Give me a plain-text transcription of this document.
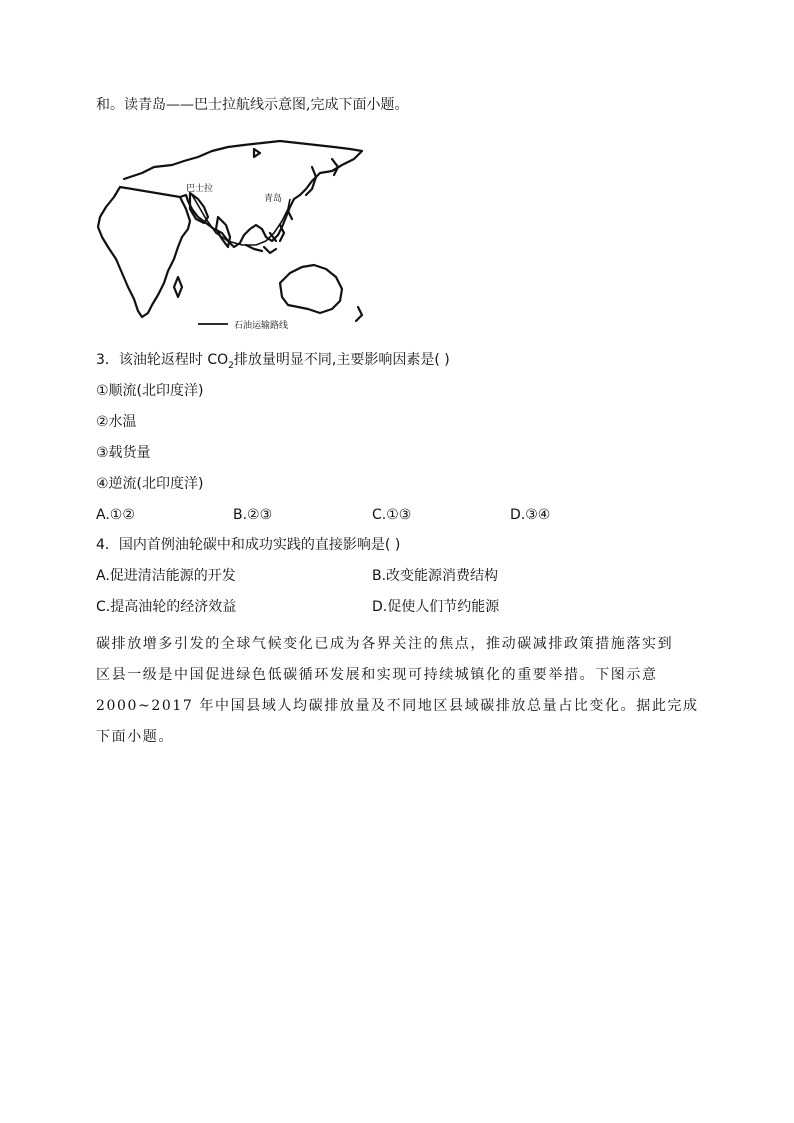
和。读青岛——巴士拉航线示意图,完成下面小题。
巴士拉
青岛
石油运输路线
3．该油轮返程时 $CO_2$排放量明显不同,主要影响因素是( )
①顺流(北印度洋)
②水温
③载货量
④逆流(北印度洋)
A.①②	B.②③	C.①③	D.③④
4．国内首例油轮碳中和成功实践的直接影响是( )
A.促进清洁能源的开发	B.改变能源消费结构
C.提高油轮的经济效益	D.促使人们节约能源
碳排放增多引发的全球气候变化已成为各界关注的焦点，推动碳减排政策措施落实到
区县一级是中国促进绿色低碳循环发展和实现可持续城镇化的重要举措。下图示意
2000~2017 年中国县域人均碳排放量及不同地区县域碳排放总量占比变化。据此完成
下面小题。
